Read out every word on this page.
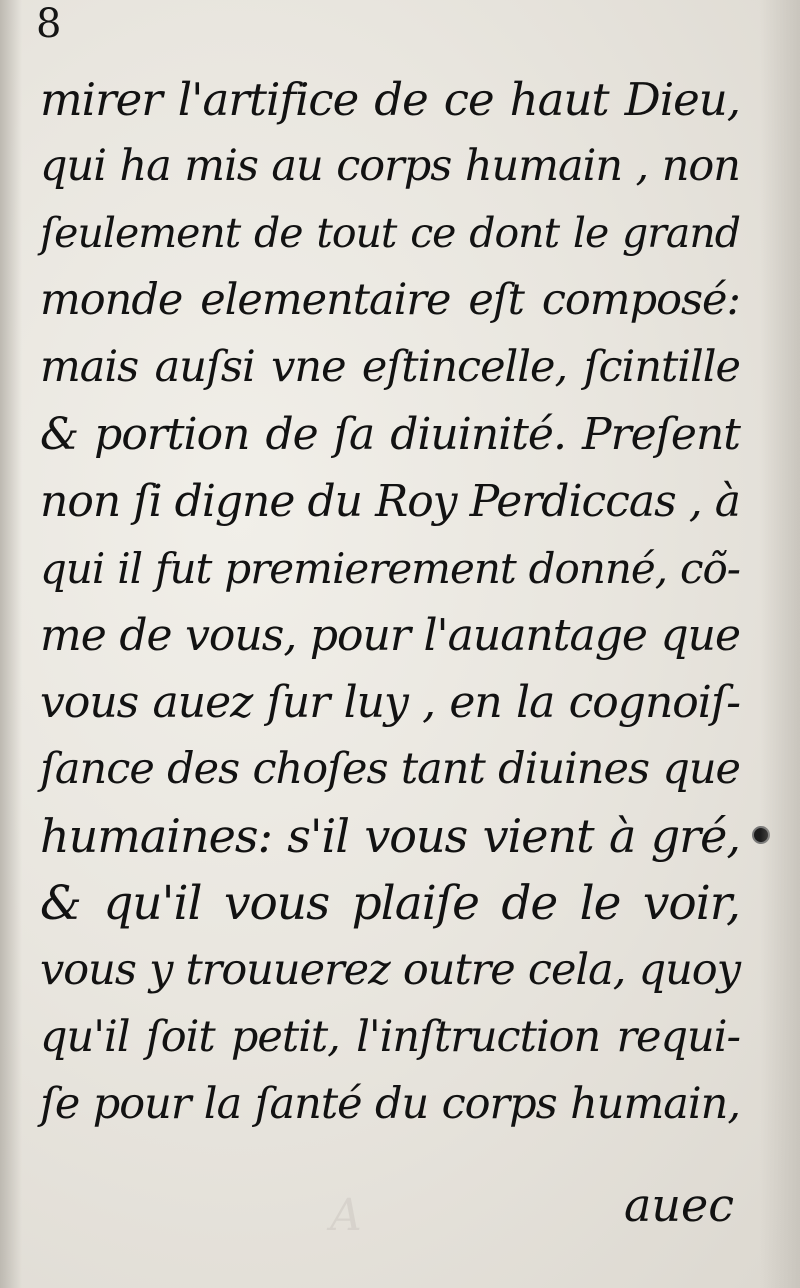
A
8
mirer l'artifice de ce haut Dieu,
qui ha mis au corps humain , non
ſeulement de tout ce dont le grand
monde elementaire eſt composé:
mais auſsi vne eſtincelle, ſcintille
& portion de ſa diuinité. Preſent
non ſi digne du Roy Perdiccas , à
qui il fut premierement donné, cõ-
me de vous, pour l'auantage que
vous auez ſur luy , en la cognoiſ-
ſance des choſes tant diuines que
humaines: s'il vous vient à gré,
& qu'il vous plaiſe de le voir,
vous y trouuerez outre cela, quoy
qu'il ſoit petit, l'inſtruction requi-
ſe pour la ſanté du corps humain,
auec
